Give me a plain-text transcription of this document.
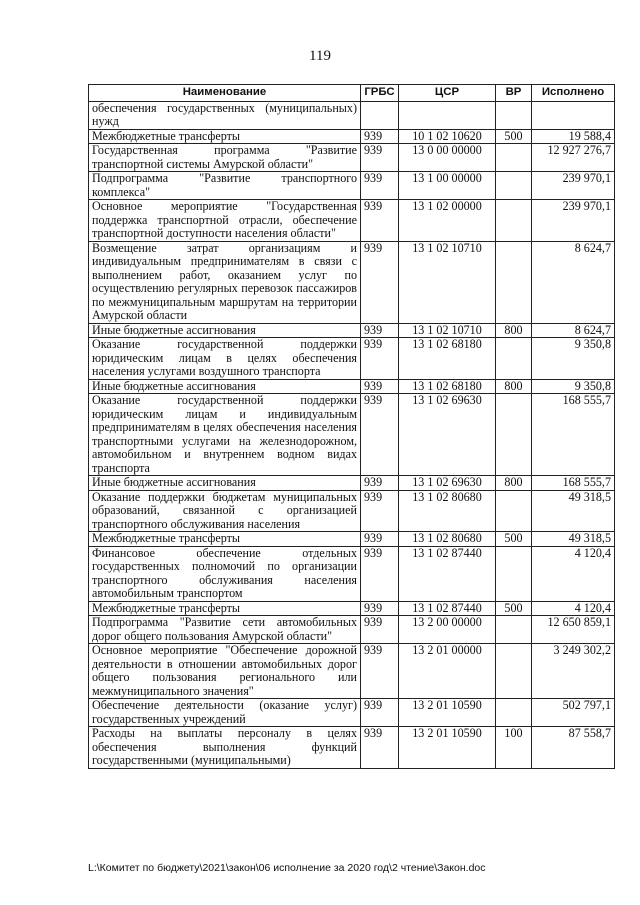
119
Наименование	ГРБС	ЦСР	ВР	Исполнено
обеспечения государственных (муниципальных) нужд				
Межбюджетные трансферты	939	10 1 02 10620	500	19 588,4
Государственная программа "Развитие транспортной системы Амурской области"	939	13 0 00 00000		12 927 276,7
Подпрограмма "Развитие транспортного комплекса"	939	13 1 00 00000		239 970,1
Основное мероприятие "Государственная поддержка транспортной отрасли, обеспечение транспортной доступности населения области"	939	13 1 02 00000		239 970,1
Возмещение затрат организациям и индивидуальным предпринимателям в связи с выполнением работ, оказанием услуг по осуществлению регулярных перевозок пассажиров по межмуниципальным маршрутам на территории Амурской области	939	13 1 02 10710		8 624,7
Иные бюджетные ассигнования	939	13 1 02 10710	800	8 624,7
Оказание государственной поддержки юридическим лицам в целях обеспечения населения услугами воздушного транспорта	939	13 1 02 68180		9 350,8
Иные бюджетные ассигнования	939	13 1 02 68180	800	9 350,8
Оказание государственной поддержки юридическим лицам и индивидуальным предпринимателям в целях обеспечения населения транспортными услугами на железнодорожном, автомобильном и внутреннем водном видах транспорта	939	13 1 02 69630		168 555,7
Иные бюджетные ассигнования	939	13 1 02 69630	800	168 555,7
Оказание поддержки бюджетам муниципальных образований, связанной с организацией транспортного обслуживания населения	939	13 1 02 80680		49 318,5
Межбюджетные трансферты	939	13 1 02 80680	500	49 318,5
Финансовое обеспечение отдельных государственных полномочий по организации транспортного обслуживания населения автомобильным транспортом	939	13 1 02 87440		4 120,4
Межбюджетные трансферты	939	13 1 02 87440	500	4 120,4
Подпрограмма "Развитие сети автомобильных дорог общего пользования Амурской области"	939	13 2 00 00000		12 650 859,1
Основное мероприятие "Обеспечение дорожной деятельности в отношении автомобильных дорог общего пользования регионального или межмуниципального значения"	939	13 2 01 00000		3 249 302,2
Обеспечение деятельности (оказание услуг) государственных учреждений	939	13 2 01 10590		502 797,1
Расходы на выплаты персоналу в целях обеспечения выполнения функций государственными (муниципальными)	939	13 2 01 10590	100	87 558,7
L:\Комитет по бюджету\2021\закон\06 исполнение за 2020 год\2 чтение\Закон.doc
